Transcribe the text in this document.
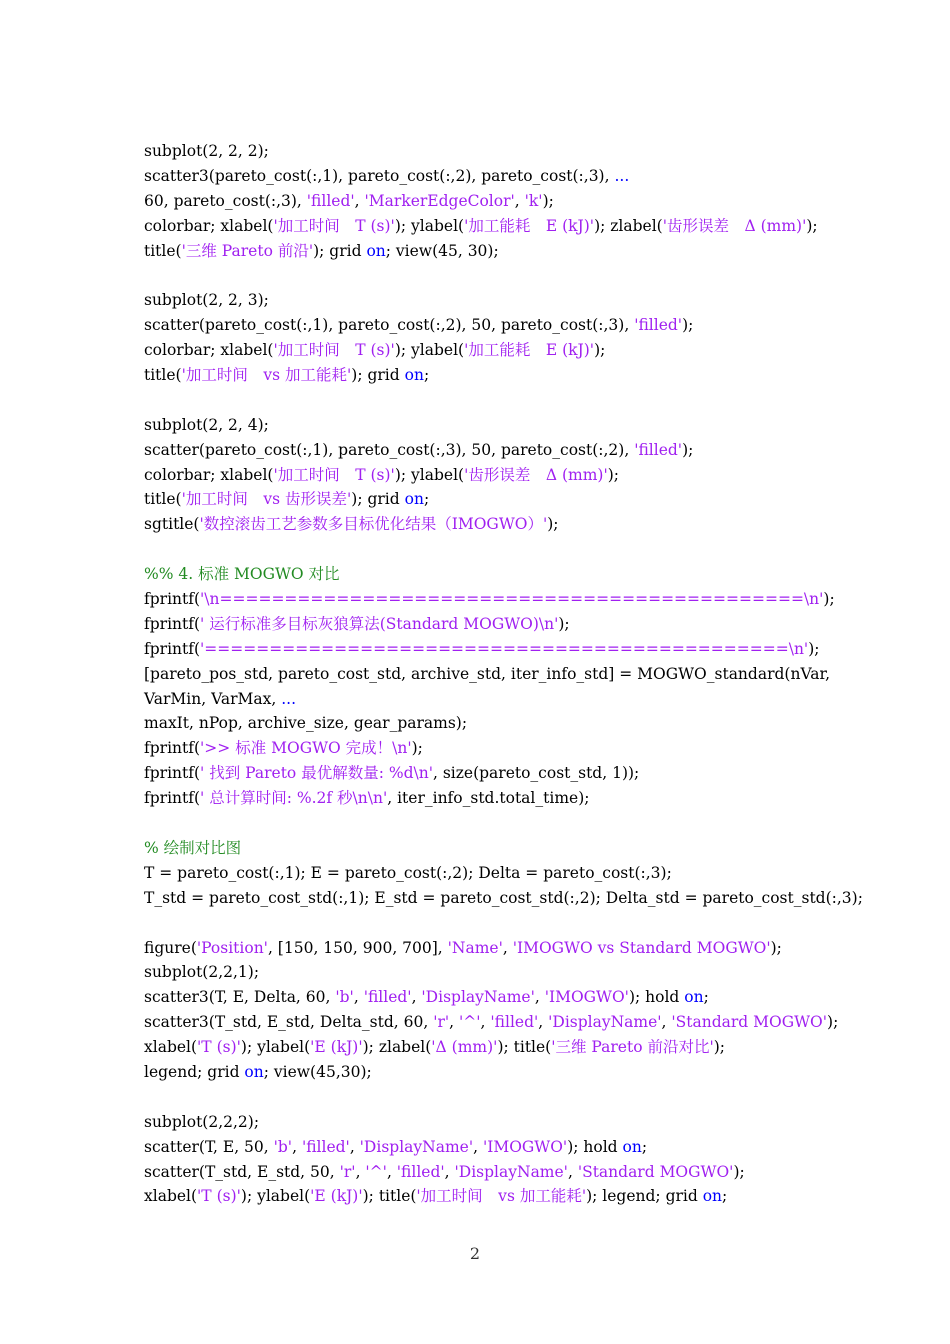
subplot(2, 2, 2);
scatter3(pareto_cost(:,1), pareto_cost(:,2), pareto_cost(:,3), ...
60, pareto_cost(:,3), 'filled', 'MarkerEdgeColor', 'k');
colorbar; xlabel('加工时间　T (s)'); ylabel('加工能耗　E (kJ)'); zlabel('齿形误差　Δ (mm)');
title('三维 Pareto 前沿'); grid on; view(45, 30);
subplot(2, 2, 3);
scatter(pareto_cost(:,1), pareto_cost(:,2), 50, pareto_cost(:,3), 'filled');
colorbar; xlabel('加工时间　T (s)'); ylabel('加工能耗　E (kJ)');
title('加工时间　vs 加工能耗'); grid on;
subplot(2, 2, 4);
scatter(pareto_cost(:,1), pareto_cost(:,3), 50, pareto_cost(:,2), 'filled');
colorbar; xlabel('加工时间　T (s)'); ylabel('齿形误差　Δ (mm)');
title('加工时间　vs 齿形误差'); grid on;
sgtitle('数控滚齿工艺参数多目标优化结果（IMOGWO）');
%% 4. 标准 MOGWO 对比
fprintf('\n=============================================\n');
fprintf(' 运行标准多目标灰狼算法(Standard MOGWO)\n');
fprintf('=============================================\n');
[pareto_pos_std, pareto_cost_std, archive_std, iter_info_std] = MOGWO_standard(nVar,
VarMin, VarMax, ...
maxIt, nPop, archive_size, gear_params);
fprintf('>> 标准 MOGWO 完成！\n');
fprintf(' 找到 Pareto 最优解数量: %d\n', size(pareto_cost_std, 1));
fprintf(' 总计算时间: %.2f 秒\n\n', iter_info_std.total_time);
% 绘制对比图
T = pareto_cost(:,1); E = pareto_cost(:,2); Delta = pareto_cost(:,3);
T_std = pareto_cost_std(:,1); E_std = pareto_cost_std(:,2); Delta_std = pareto_cost_std(:,3);
figure('Position', [150, 150, 900, 700], 'Name', 'IMOGWO vs Standard MOGWO');
subplot(2,2,1);
scatter3(T, E, Delta, 60, 'b', 'filled', 'DisplayName', 'IMOGWO'); hold on;
scatter3(T_std, E_std, Delta_std, 60, 'r', '^', 'filled', 'DisplayName', 'Standard MOGWO');
xlabel('T (s)'); ylabel('E (kJ)'); zlabel('Δ (mm)'); title('三维 Pareto 前沿对比');
legend; grid on; view(45,30);
subplot(2,2,2);
scatter(T, E, 50, 'b', 'filled', 'DisplayName', 'IMOGWO'); hold on;
scatter(T_std, E_std, 50, 'r', '^', 'filled', 'DisplayName', 'Standard MOGWO');
xlabel('T (s)'); ylabel('E (kJ)'); title('加工时间　vs 加工能耗'); legend; grid on;
2
